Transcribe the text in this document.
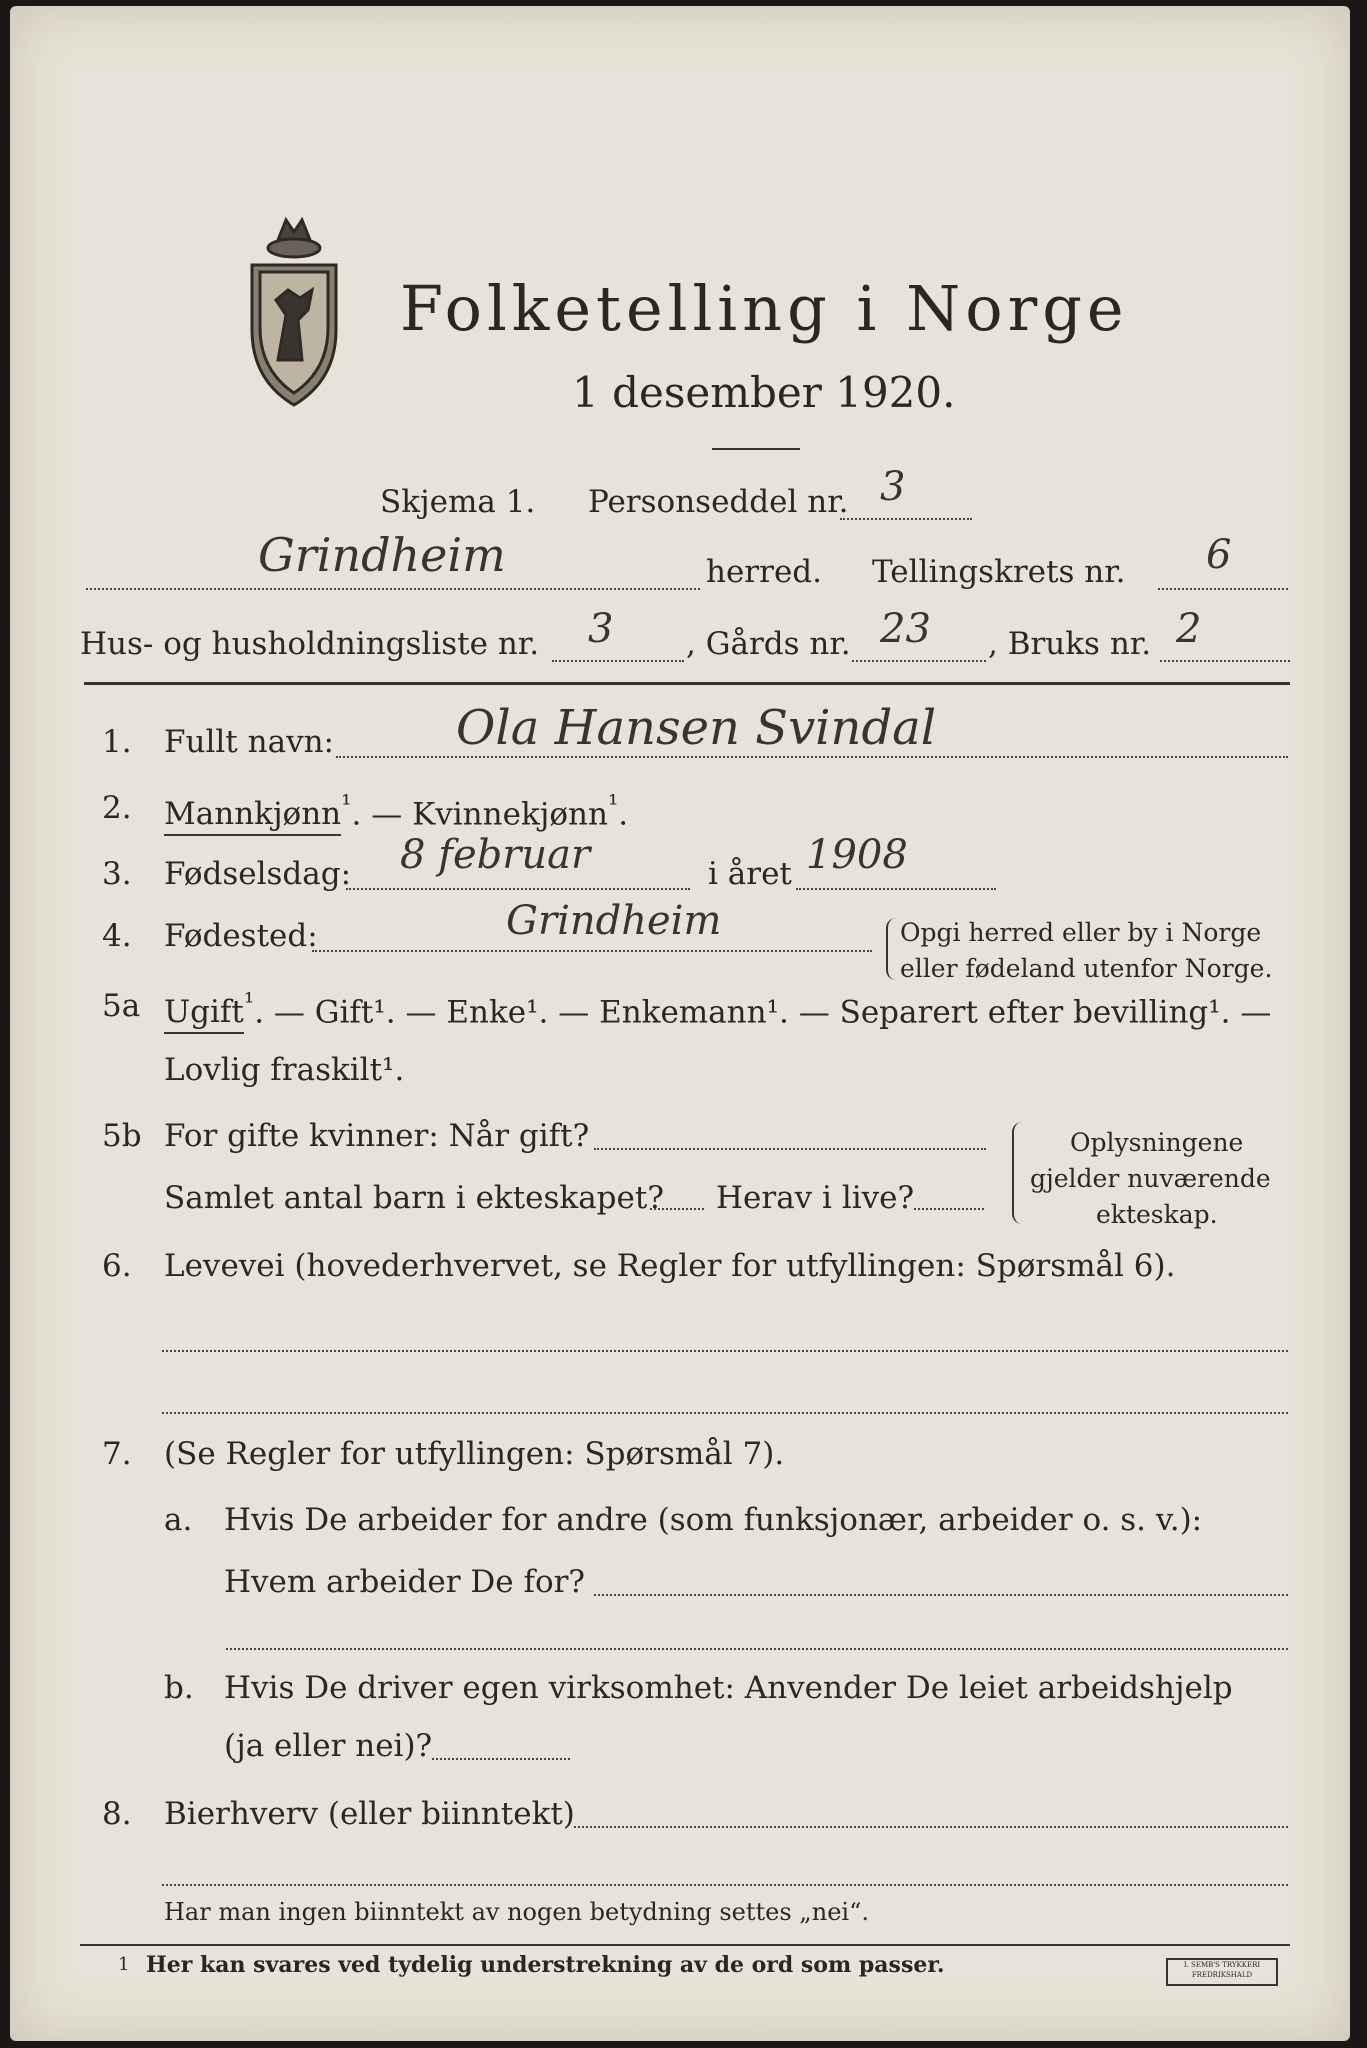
Folketelling i Norge
1 desember 1920.
Skjema 1. Personseddel nr. 3
Grindheim	herred. Tellingskrets nr. 6
Hus- og husholdningsliste nr. 3 , Gårds nr. 23 , Bruks nr. 2
1. Fullt navn:	Ola Hansen Svindal
2. Mannkjønn$^{^1}$. — Kvinnekjønn$^{^1}$.
3. Fødselsdag: 8 februar	i året 1908
4. Fødested:	Grindheim	Opgi herred eller by i Norge
eller fødeland utenfor Norge.
5a Ugift$^{^1}$. — Gift¹. — Enke¹. — Enkemann¹. — Separert efter bevilling¹. —
Lovlig fraskilt¹.
5b For gifte kvinner: Når gift?
Samlet antal barn i ekteskapet? Herav i live?
Oplysningene
gjelder nuværende
ekteskap.
6. Levevei (hovederhvervet, se Regler for utfyllingen: Spørsmål 6).
7. (Se Regler for utfyllingen: Spørsmål 7).
a. Hvis De arbeider for andre (som funksjonær, arbeider o. s. v.):
Hvem arbeider De for?
b. Hvis De driver egen virksomhet: Anvender De leiet arbeidshjelp
(ja eller nei)?
8. Bierhverv (eller biinntekt)
Har man ingen biinntekt av nogen betydning settes „nei“.
1 Her kan svares ved tydelig understrekning av de ord som passer.	I. SEMB'S TRYKKERI FREDRIKSHALD
